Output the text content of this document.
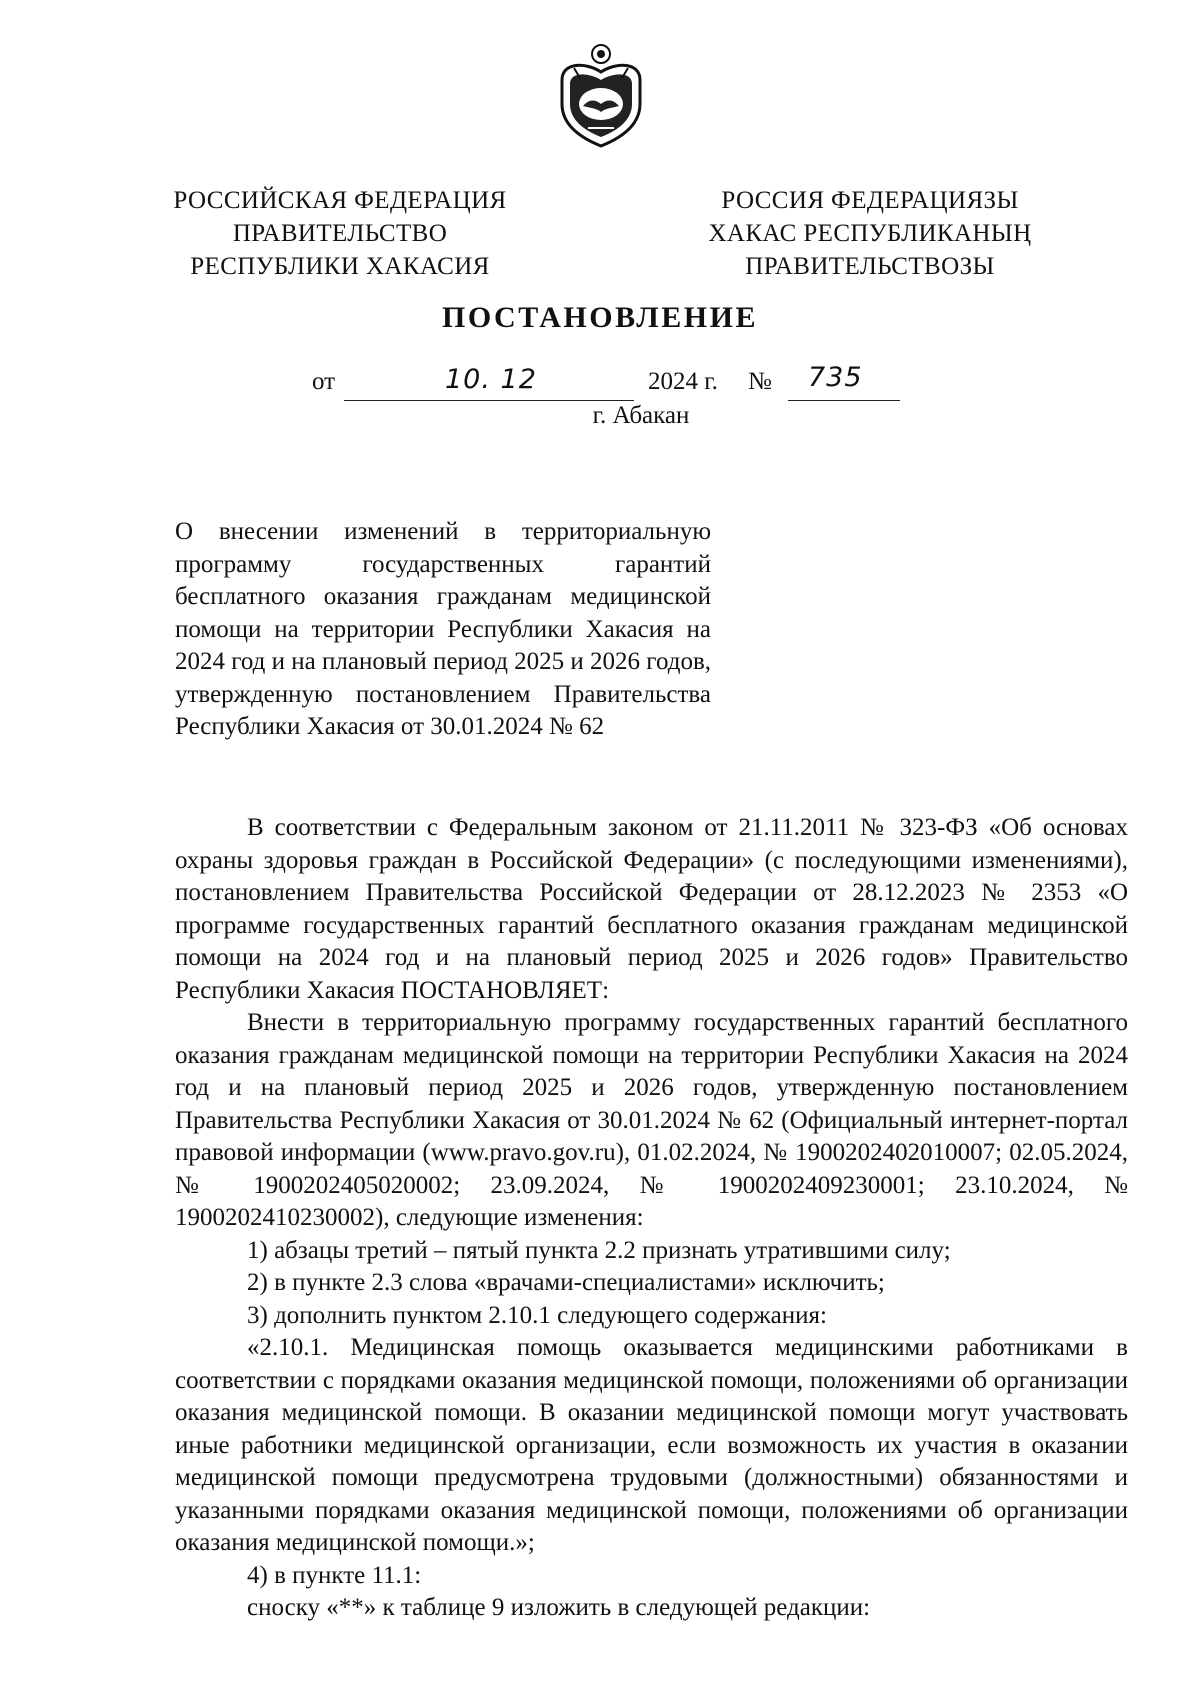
РОССИЙСКАЯ ФЕДЕРАЦИЯ
ПРАВИТЕЛЬСТВО
РЕСПУБЛИКИ ХАКАСИЯ
РОССИЯ ФЕДЕРАЦИЯЗЫ
ХАКАС РЕСПУБЛИКАНЫҢ
ПРАВИТЕЛЬСТВОЗЫ
ПОСТАНОВЛЕНИЕ
от	10. 12	2024 г. № 735
г. Абакан
О внесении изменений в территориальную программу государственных гарантий бесплатного оказания гражданам медицинской помощи на территории Республики Хакасия на 2024 год и на плановый период 2025 и 2026 годов, утвержденную постановлением Правительства Республики Хакасия от 30.01.2024 № 62

В соответствии с Федеральным законом от 21.11.2011 № 323-ФЗ «Об основах охраны здоровья граждан в Российской Федерации» (с последующими изменениями), постановлением Правительства Российской Федерации от 28.12.2023 № 2353 «О программе государственных гарантий бесплатного оказания гражданам медицинской помощи на 2024 год и на плановый период 2025 и 2026 годов» Правительство Республики Хакасия ПОСТАНОВЛЯЕТ:

Внести в территориальную программу государственных гарантий бесплатного оказания гражданам медицинской помощи на территории Республики Хакасия на 2024 год и на плановый период 2025 и 2026 годов, утвержденную постановлением Правительства Республики Хакасия от 30.01.2024 № 62 (Официальный интернет-портал правовой информации (www.pravo.gov.ru), 01.02.2024, № 1900202402010007; 02.05.2024, № 1900202405020002; 23.09.2024, № 1900202409230001; 23.10.2024, № 1900202410230002), следующие изменения:

1) абзацы третий – пятый пункта 2.2 признать утратившими силу;

2) в пункте 2.3 слова «врачами-специалистами» исключить;

3) дополнить пунктом 2.10.1 следующего содержания:

«2.10.1. Медицинская помощь оказывается медицинскими работниками в соответствии с порядками оказания медицинской помощи, положениями об организации оказания медицинской помощи. В оказании медицинской помощи могут участвовать иные работники медицинской организации, если возможность их участия в оказании медицинской помощи предусмотрена трудовыми (должностными) обязанностями и указанными порядками оказания медицинской помощи, положениями об организации оказания медицинской помощи.»;

4) в пункте 11.1:

сноску «**» к таблице 9 изложить в следующей редакции:
